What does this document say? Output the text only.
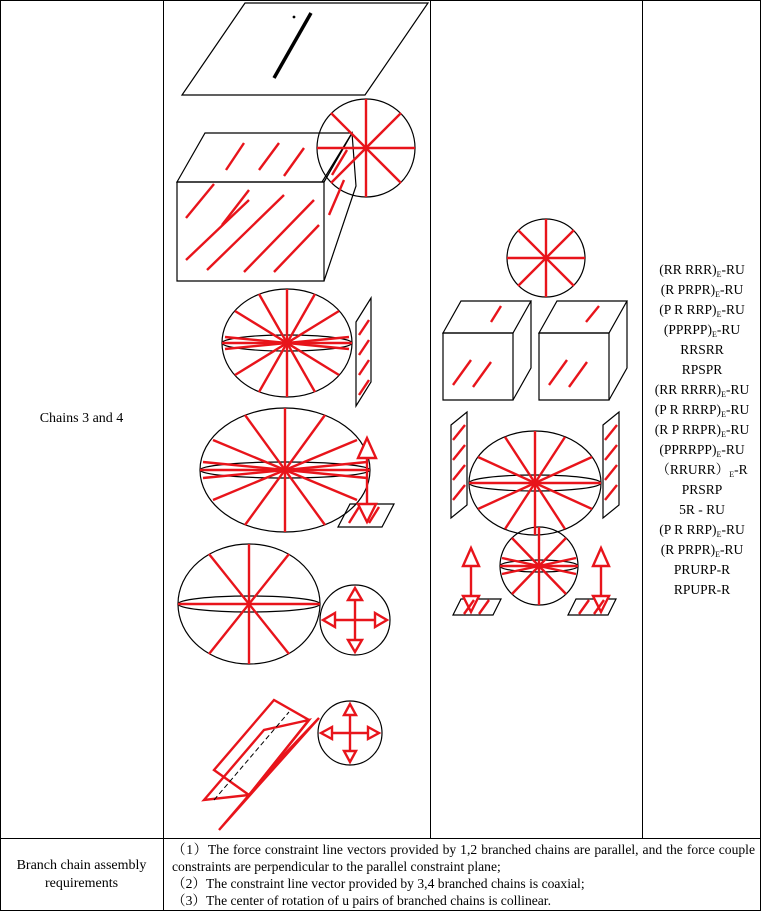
Chains 3 and 4
Branch chain assembly
requirements

（1）The force constraint line vectors provided by 1,2 branched chains are parallel, and the force couple constraints are perpendicular to the parallel constraint plane;

（2）The constraint line vector provided by 3,4 branched chains is coaxial;

（3）The center of rotation of u pairs of branched chains is collinear.

(RR $RRR)_E-RU$
(R $PRPR)_E-RU$
(P R $RRP)_E-RU$
$(PPRPP)_E-RU$
RRSRR
RPSPR
(RR $RRRR)_E-RU$
(P R $RRRP)_E-RU$
(R P $RRPR)_E-RU$
$(PPRRPP)_E-RU$
$(RRURR)_E-R$
PRSRP
5R - RU
(P R $RRP)_E-RU$
(R $PRPR)_E-RU$
PRURP-R
RPUPR-R
